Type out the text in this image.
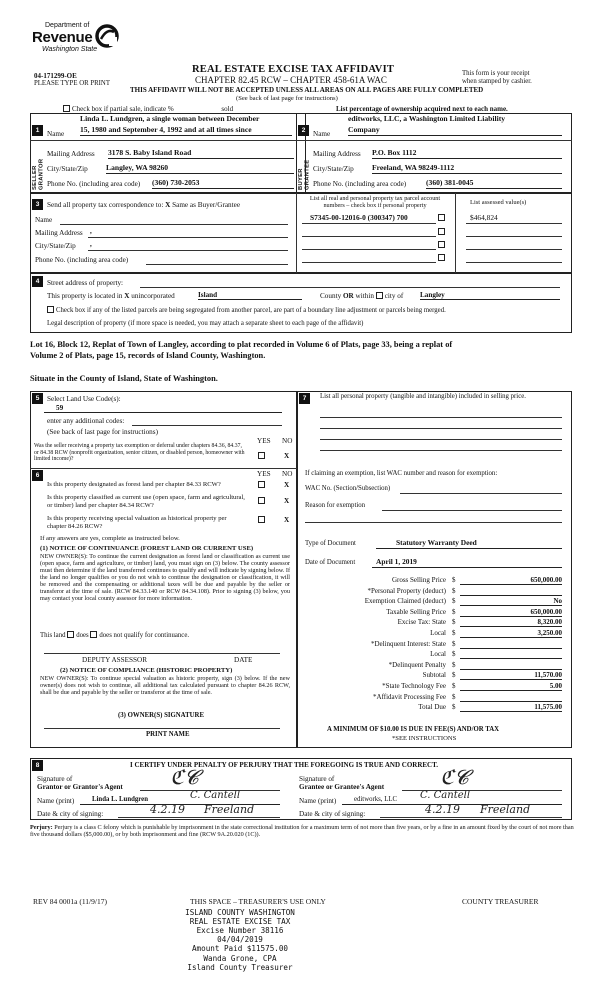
Department of
Revenue
Washington State
04-171299-OE
PLEASE TYPE OR PRINT
REAL ESTATE EXCISE TAX AFFIDAVIT
CHAPTER 82.45 RCW – CHAPTER 458-61A WAC
THIS AFFIDAVIT WILL NOT BE ACCEPTED UNLESS ALL AREAS ON ALL PAGES ARE FULLY COMPLETED
(See back of last page for instructions)
This form is your receipt
when stamped by cashier.
Check box if partial sale, indicate %	sold	List percentage of ownership acquired next to each name.
1	Name
Linda L. Lundgren, a single woman between December
15, 1980 and September 4, 1992 and at all times since
SELLER GRANTOR
Mailing Address 3178 S. Baby Island Road
City/State/Zip Langley, WA 98260
Phone No. (including area code) (360) 730-2053
2	Name
editworks, LLC, a Washington Limited Liability
Company
BUYER GRANTEE
Mailing Address P.O. Box 1112
City/State/Zip Freeland, WA 98249-1112
Phone No. (including area code)	(360) 381-0045
3	Send all property tax correspondence to: X Same as Buyer/Grantee
Name
Mailing Address ,
City/State/Zip ,
Phone No. (including area code)
List all real and personal property tax parcel account numbers – check box if personal property	List assessed value(s)
S7345-00-12016-0 (300347) 700	$464,824
4	Street address of property:
This property is located in X unincorporated	Island	County OR within city of Langley
Check box if any of the listed parcels are being segregated from another parcel, are part of a boundary line adjustment or parcels being merged.
Legal description of property (if more space is needed, you may attach a separate sheet to each page of the affidavit)
Lot 16, Block 12, Replat of Town of Langley, according to plat recorded in Volume 6 of Plats, page 33, being a replat of
Volume 2 of Plats, page 15, records of Island County, Washington.
Situate in the County of Island, State of Washington.
5	Select Land Use Code(s):
59
enter any additional codes:
(See back of last page for instructions)
YES NO
Was the seller receiving a property tax exemption or deferral under chapters 84.36, 84.37, or 84.38 RCW (nonprofit organization, senior citizen, or disabled person, homeowner with limited income)?	X
6	YES NO
Is this property designated as forest land per chapter 84.33 RCW?	X
Is this property classified as current use (open space, farm and agricultural, or timber) land per chapter 84.34 RCW?
X
Is this property receiving special valuation as historical property per chapter 84.26 RCW?
X
If any answers are yes, complete as instructed below.
(1) NOTICE OF CONTINUANCE (FOREST LAND OR CURRENT USE)
NEW OWNER(S): To continue the current designation as forest land or classification as current use (open space, farm and agriculture, or timber) land, you must sign on (3) below. The county assessor must then determine if the land transferred continues to qualify and will indicate by signing below. If the land no longer qualifies or you do not wish to continue the designation or classification, it will be removed and the compensating or additional taxes will be due and payable by the seller or transferor at the time of sale. (RCW 84.33.140 or RCW 84.34.108). Prior to signing (3) below, you may contact your local county assessor for more information.
This land does does not qualify for continuance.
DEPUTY ASSESSOR	DATE
(2) NOTICE OF COMPLIANCE (HISTORIC PROPERTY)
NEW OWNER(S): To continue special valuation as historic property, sign (3) below. If the new owner(s) does not wish to continue, all additional tax calculated pursuant to chapter 84.26 RCW, shall be due and payable by the seller or transferor at the time of sale.
(3) OWNER(S) SIGNATURE
PRINT NAME
7	List all personal property (tangible and intangible) included in selling price.
If claiming an exemption, list WAC number and reason for exemption:
WAC No. (Section/Subsection)
Reason for exemption
Type of Document	Statutory Warranty Deed
Date of Document	April 1, 2019
Gross Selling Price $	650,000.00
*Personal Property (deduct) $
Exemption Claimed (deduct) $	No
Taxable Selling Price $	650,000.00
Excise Tax: State $	8,320.00
Local $	3,250.00
*Delinquent Interest: State $
Local $
*Delinquent Penalty $
Subtotal $	11,570.00
*State Technology Fee $	5.00
*Affidavit Processing Fee $
Total Due $	11,575.00
A MINIMUM OF $10.00 IS DUE IN FEE(S) AND/OR TAX
*SEE INSTRUCTIONS
8	I CERTIFY UNDER PENALTY OF PERJURY THAT THE FOREGOING IS TRUE AND CORRECT.
Signature of
Grantor or Grantor's Agent
Name (print)	Linda L. Lundgren
Date & city of signing:
ℭ𝓒
C. Cantell
4.2.19 Freeland
Signature of
Grantee or Grantee's Agent
Name (print)	editworks, LLC
Date & city of signing:
ℭ𝓒
C. Cantell
4.2.19 Freeland
Perjury: Perjury is a class C felony which is punishable by imprisonment in the state correctional institution for a maximum term of not more than five years, or by a fine in an amount fixed by the court of not more than five thousand dollars ($5,000.00), or by both imprisonment and fine (RCW 9A.20.020 (1C)).
REV 84 0001a (11/9/17)	THIS SPACE – TREASURER'S USE ONLY	COUNTY TREASURER
ISLAND COUNTY WASHINGTON
REAL ESTATE EXCISE TAX
Excise Number 38116
04/04/2019
Amount Paid $11575.00
Wanda Grone, CPA
Island County Treasurer
